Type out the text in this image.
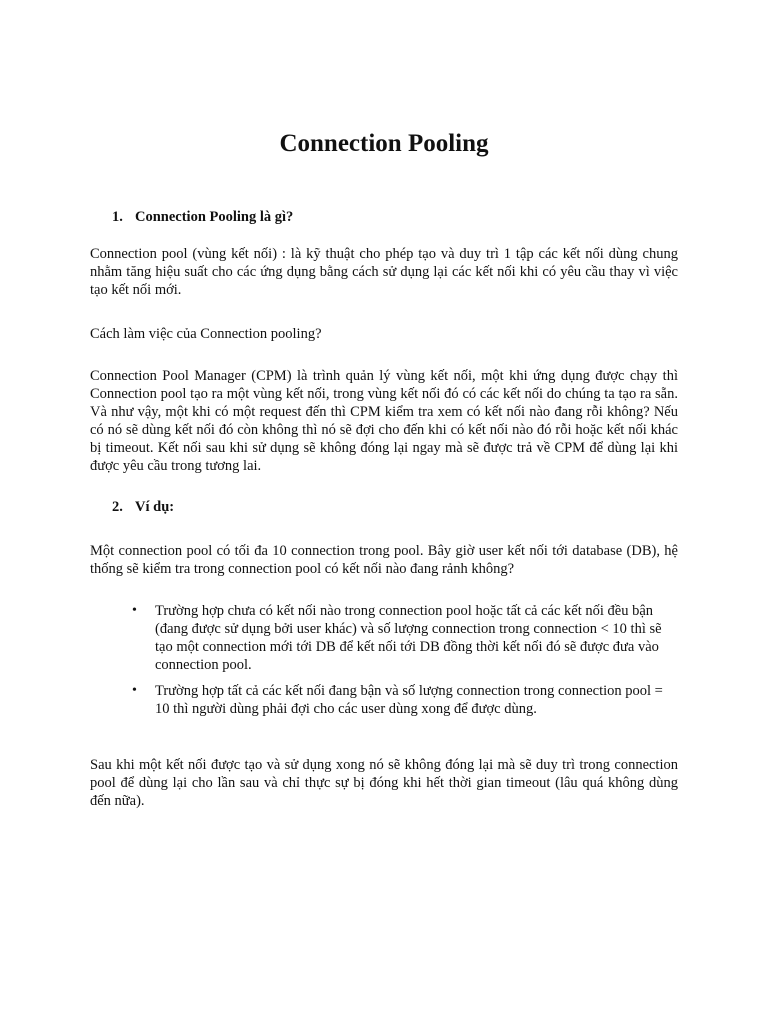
Connection Pooling

1. Connection Pooling là gì?

Connection pool (vùng kết nối) : là kỹ thuật cho phép tạo và duy trì 1 tập các kết nối dùng chung nhằm tăng hiệu suất cho các ứng dụng bằng cách sử dụng lại các kết nối khi có yêu cầu thay vì việc tạo kết nối mới.

Cách làm việc của Connection pooling?

Connection Pool Manager (CPM) là trình quản lý vùng kết nối, một khi ứng dụng được chạy thì Connection pool tạo ra một vùng kết nối, trong vùng kết nối đó có các kết nối do chúng ta tạo ra sẵn. Và như vậy, một khi có một request đến thì CPM kiểm tra xem có kết nối nào đang rỗi không? Nếu có nó sẽ dùng kết nối đó còn không thì nó sẽ đợi cho đến khi có kết nối nào đó rỗi hoặc kết nối khác bị timeout. Kết nối sau khi sử dụng sẽ không đóng lại ngay mà sẽ được trả về CPM để dùng lại khi được yêu cầu trong tương lai.

2. Ví dụ:

Một connection pool có tối đa 10 connection trong pool. Bây giờ user kết nối tới database (DB), hệ thống sẽ kiểm tra trong connection pool có kết nối nào đang rảnh không?

•	Trường hợp chưa có kết nối nào trong connection pool hoặc tất cả các kết nối đều bận (đang được sử dụng bởi user khác) và số lượng connection trong connection < 10 thì sẽ tạo một connection mới tới DB để kết nối tới DB đồng thời kết nối đó sẽ được đưa vào connection pool.
•	Trường hợp tất cả các kết nối đang bận và số lượng connection trong connection pool = 10 thì người dùng phải đợi cho các user dùng xong để được dùng.

Sau khi một kết nối được tạo và sử dụng xong nó sẽ không đóng lại mà sẽ duy trì trong connection pool để dùng lại cho lần sau và chỉ thực sự bị đóng khi hết thời gian timeout (lâu quá không dùng đến nữa).
